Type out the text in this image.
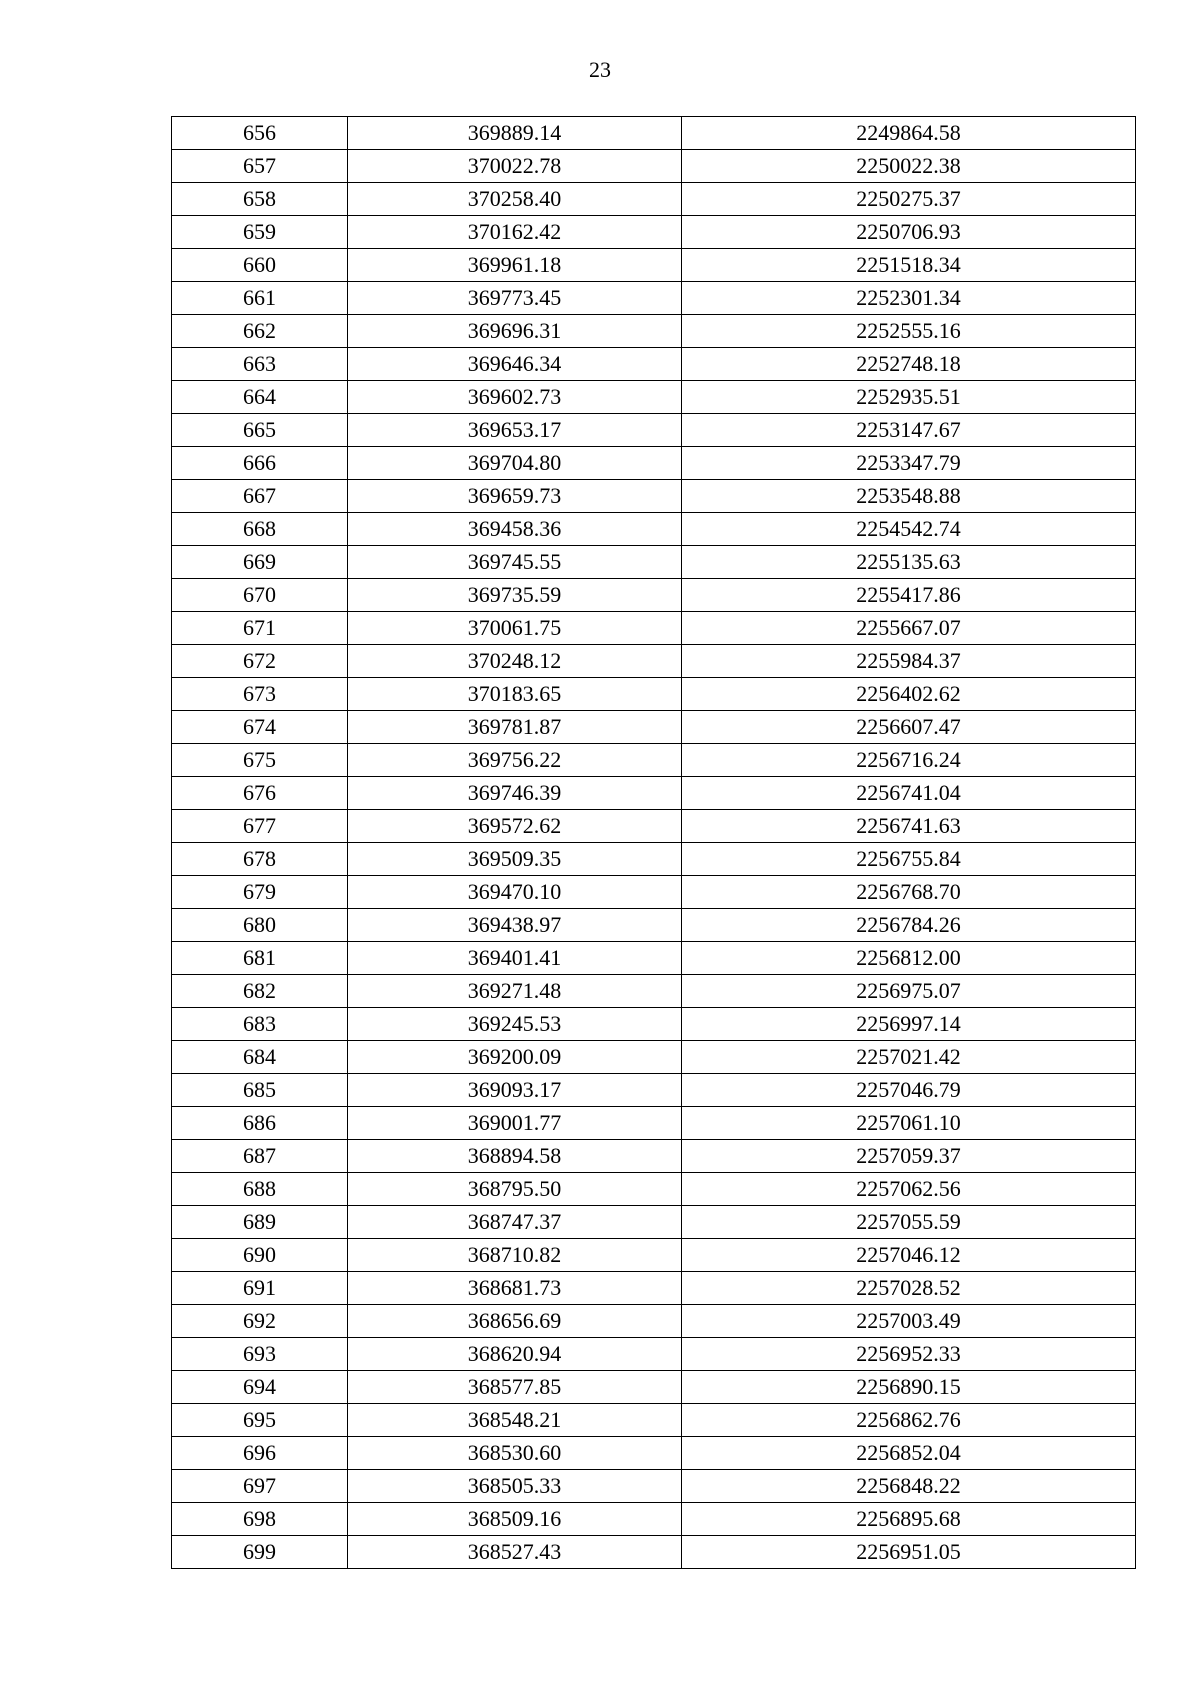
23
656	369889.14	2249864.58
657	370022.78	2250022.38
658	370258.40	2250275.37
659	370162.42	2250706.93
660	369961.18	2251518.34
661	369773.45	2252301.34
662	369696.31	2252555.16
663	369646.34	2252748.18
664	369602.73	2252935.51
665	369653.17	2253147.67
666	369704.80	2253347.79
667	369659.73	2253548.88
668	369458.36	2254542.74
669	369745.55	2255135.63
670	369735.59	2255417.86
671	370061.75	2255667.07
672	370248.12	2255984.37
673	370183.65	2256402.62
674	369781.87	2256607.47
675	369756.22	2256716.24
676	369746.39	2256741.04
677	369572.62	2256741.63
678	369509.35	2256755.84
679	369470.10	2256768.70
680	369438.97	2256784.26
681	369401.41	2256812.00
682	369271.48	2256975.07
683	369245.53	2256997.14
684	369200.09	2257021.42
685	369093.17	2257046.79
686	369001.77	2257061.10
687	368894.58	2257059.37
688	368795.50	2257062.56
689	368747.37	2257055.59
690	368710.82	2257046.12
691	368681.73	2257028.52
692	368656.69	2257003.49
693	368620.94	2256952.33
694	368577.85	2256890.15
695	368548.21	2256862.76
696	368530.60	2256852.04
697	368505.33	2256848.22
698	368509.16	2256895.68
699	368527.43	2256951.05
